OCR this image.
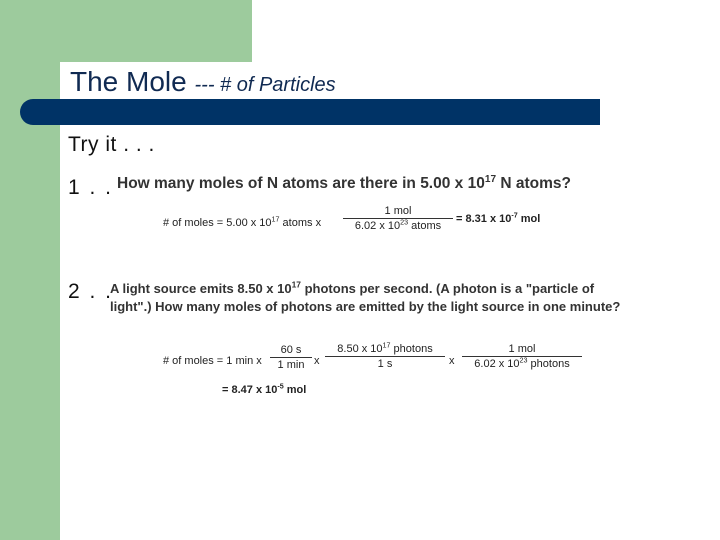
The Mole --- # of Particles
Try it . . .
1 . . How many moles of N atoms are there in 5.00 x $10^{17}$ N atoms?
# of moles = 5.00 x $10^{17}$ atoms x
1 mol
6.02 x $10^{23}$ atoms
= 8.31 x $10^{-7}$ mol
2 . .
A light source emits 8.50 x $10^{17}$ photons per second. (A photon is a "particle of
light".) How many moles of photons are emitted by the light source in one minute?
# of moles = 1 min x
60 s
1 min x
8.50 x $10^{17}$ photons
1 s	x
1 mol
6.02 x $10^{23}$ photons
= 8.47 x $10^{-5}$ mol
